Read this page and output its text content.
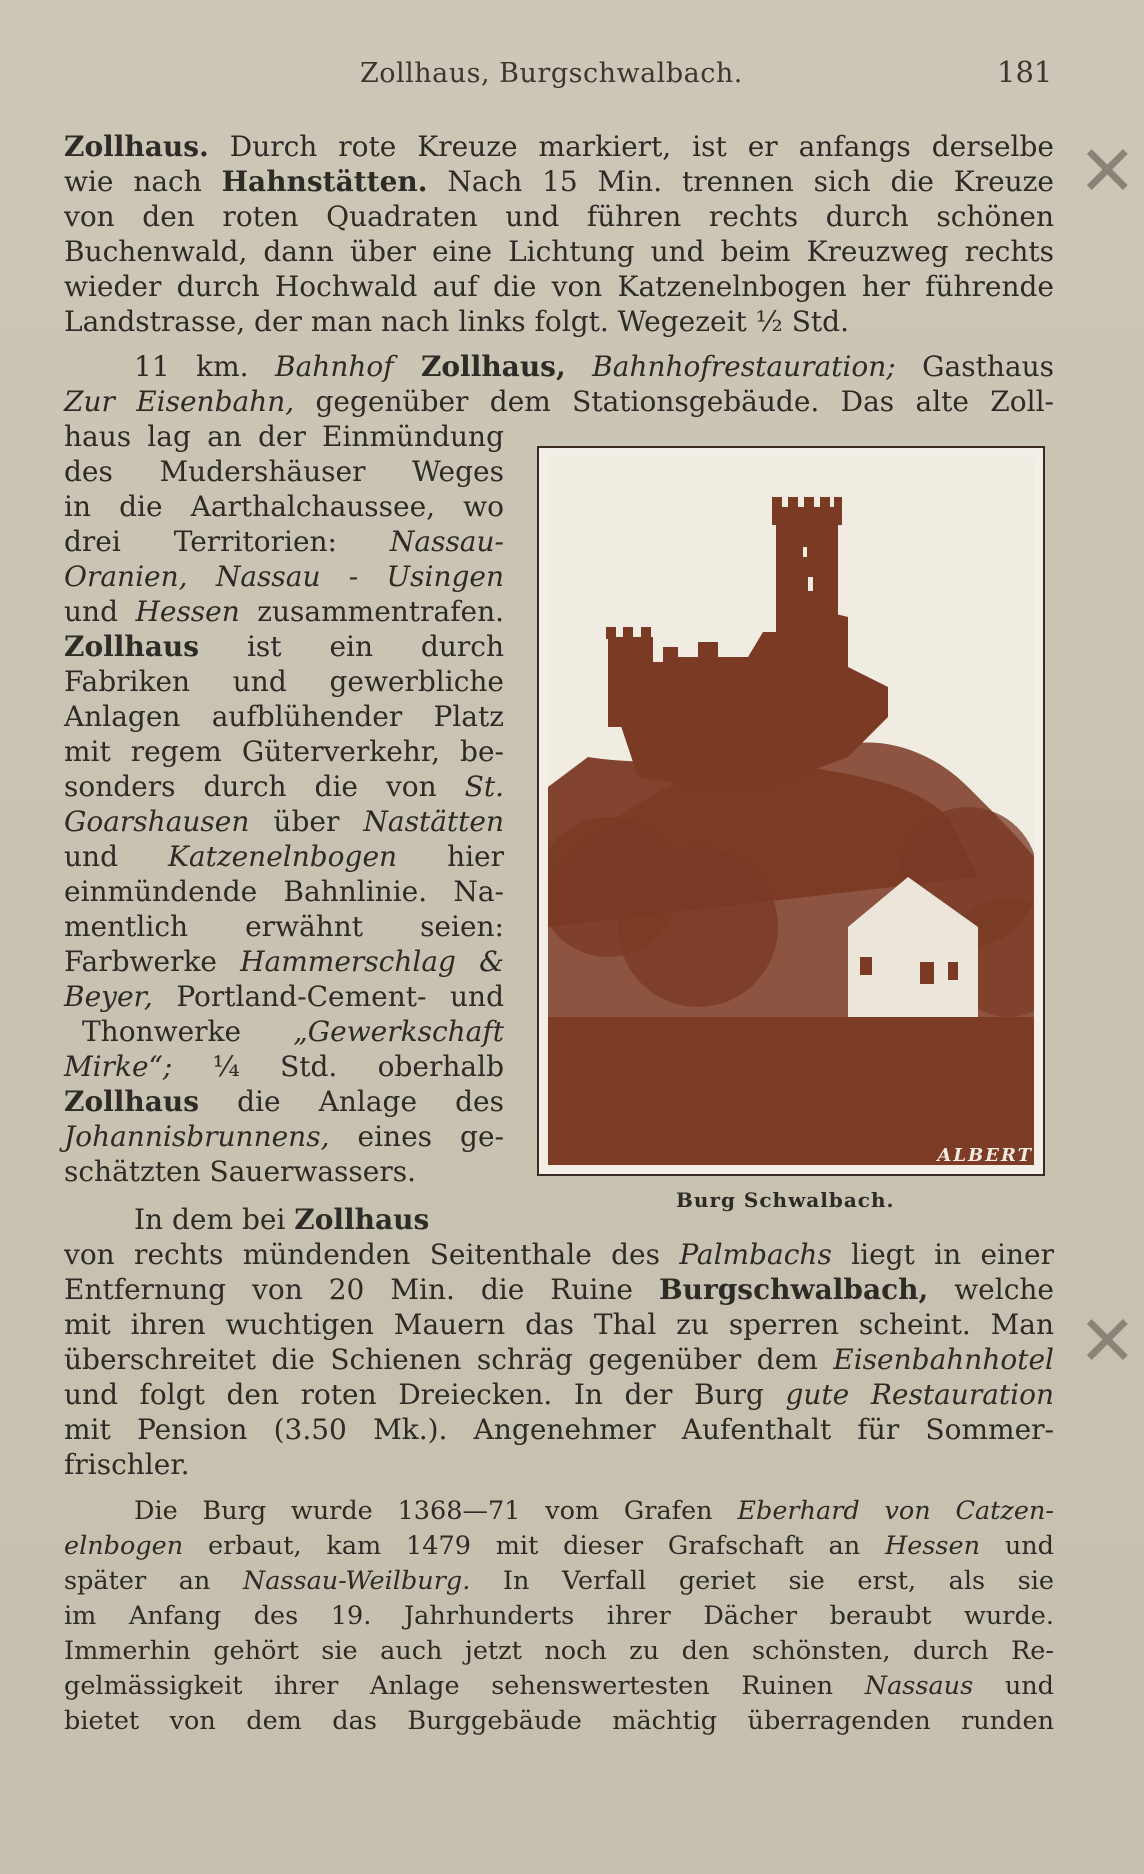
Zollhaus, Burgschwalbach.	181

Zollhaus. Durch rote Kreuze markiert, ist er anfangs derselbe

wie nach Hahnstätten. Nach 15 Min. trennen sich die Kreuze

von den roten Quadraten und führen rechts durch schönen

Buchenwald, dann über eine Lichtung und beim Kreuzweg rechts

wieder durch Hochwald auf die von Katzenelnbogen her führende

Landstrasse, der man nach links folgt. Wegezeit ½ Std.

11 km. Bahnhof Zollhaus, Bahnhofrestauration; Gasthaus

Zur Eisenbahn, gegenüber dem Stationsgebäude. Das alte Zoll-

haus lag an der Einmündung

des Mudershäuser Weges

in die Aarthalchaussee, wo

drei Territorien: Nassau-

Oranien, Nassau - Usingen

und Hessen zusammentrafen.

Zollhaus ist ein durch

Fabriken und gewerbliche

Anlagen aufblühender Platz

mit regem Güterverkehr, be-

sonders durch die von St.

Goarshausen über Nastätten

und Katzenelnbogen hier

einmündende Bahnlinie. Na-

mentlich erwähnt seien:

Farbwerke Hammerschlag &

Beyer, Portland-Cement- und

Thonwerke „Gewerkschaft

Mirke“; ¼ Std. oberhalb

Zollhaus die Anlage des

Johannisbrunnens, eines ge-

schätzten Sauerwassers.	ALBERT
Burg Schwalbach.

In dem bei Zollhaus

von rechts mündenden Seitenthale des Palmbachs liegt in einer

Entfernung von 20 Min. die Ruine Burgschwalbach, welche

mit ihren wuchtigen Mauern das Thal zu sperren scheint. Man

überschreitet die Schienen schräg gegenüber dem Eisenbahnhotel

und folgt den roten Dreiecken. In der Burg gute Restauration

mit Pension (3.50 Mk.). Angenehmer Aufenthalt für Sommer-

frischler.

Die Burg wurde 1368—71 vom Grafen Eberhard von Catzen-

elnbogen erbaut, kam 1479 mit dieser Grafschaft an Hessen und

später an Nassau-Weilburg. In Verfall geriet sie erst, als sie

im Anfang des 19. Jahrhunderts ihrer Dächer beraubt wurde.

Immerhin gehört sie auch jetzt noch zu den schönsten, durch Re-

gelmässigkeit ihrer Anlage sehenswertesten Ruinen Nassaus und

bietet von dem das Burggebäude mächtig überragenden runden

✕
✕
